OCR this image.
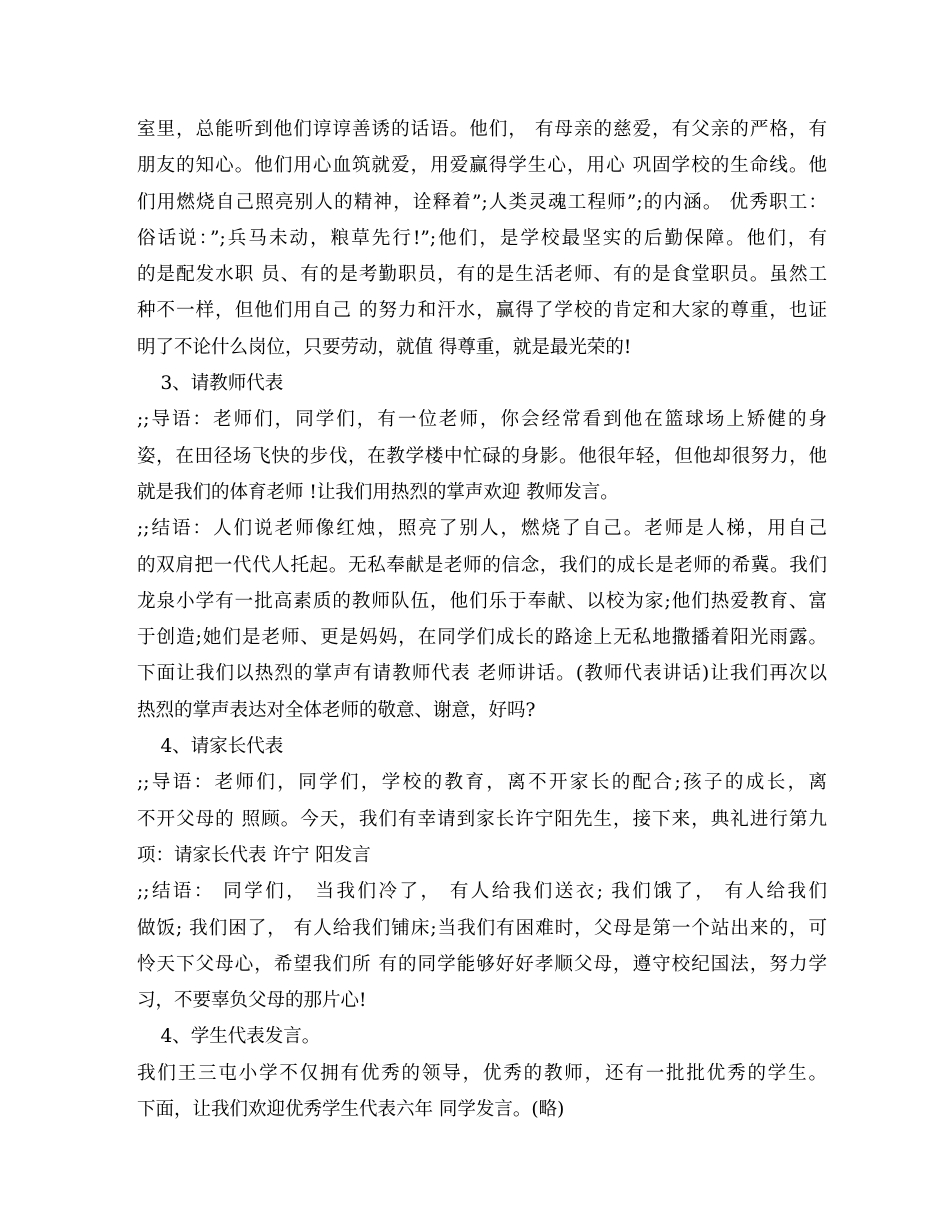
室里，总能听到他们谆谆善诱的话语。他们， 有母亲的慈爱，有父亲的严格，有
朋友的知心。他们用心血筑就爱，用爱赢得学生心，用心 巩固学校的生命线。他
们用燃烧自己照亮别人的精神，诠释着”;人类灵魂工程师”;的内涵。 优秀职工：
俗话说：”;兵马未动，粮草先行!”;他们，是学校最坚实的后勤保障。他们，有
的是配发水职 员、有的是考勤职员，有的是生活老师、有的是食堂职员。虽然工
种不一样，但他们用自己 的努力和汗水，赢得了学校的肯定和大家的尊重，也证
明了不论什么岗位，只要劳动，就值 得尊重，就是最光荣的!
3、请教师代表
;;导语：老师们，同学们，有一位老师，你会经常看到他在篮球场上矫健的身
姿，在田径场飞快的步伐，在教学楼中忙碌的身影。他很年轻，但他却很努力，他
就是我们的体育老师 !让我们用热烈的掌声欢迎 教师发言。
;;结语：人们说老师像红烛，照亮了别人，燃烧了自己。老师是人梯，用自己
的双肩把一代代人托起。无私奉献是老师的信念，我们的成长是老师的希冀。我们
龙泉小学有一批高素质的教师队伍，他们乐于奉献、以校为家;他们热爱教育、富
于创造;她们是老师、更是妈妈，在同学们成长的路途上无私地撒播着阳光雨露。
下面让我们以热烈的掌声有请教师代表 老师讲话。(教师代表讲话)让我们再次以
热烈的掌声表达对全体老师的敬意、谢意，好吗?
4、请家长代表
;;导语：老师们，同学们，学校的教育，离不开家长的配合;孩子的成长，离
不开父母的 照顾。今天，我们有幸请到家长许宁阳先生，接下来，典礼进行第九
项：请家长代表 许宁 阳发言
;;结语： 同学们， 当我们冷了， 有人给我们送衣; 我们饿了， 有人给我们
做饭; 我们困了， 有人给我们铺床;当我们有困难时，父母是第一个站出来的，可
怜天下父母心，希望我们所 有的同学能够好好孝顺父母，遵守校纪国法，努力学
习，不要辜负父母的那片心!
4、学生代表发言。
我们王三屯小学不仅拥有优秀的领导，优秀的教师，还有一批批优秀的学生。
下面，让我们欢迎优秀学生代表六年 同学发言。(略)
